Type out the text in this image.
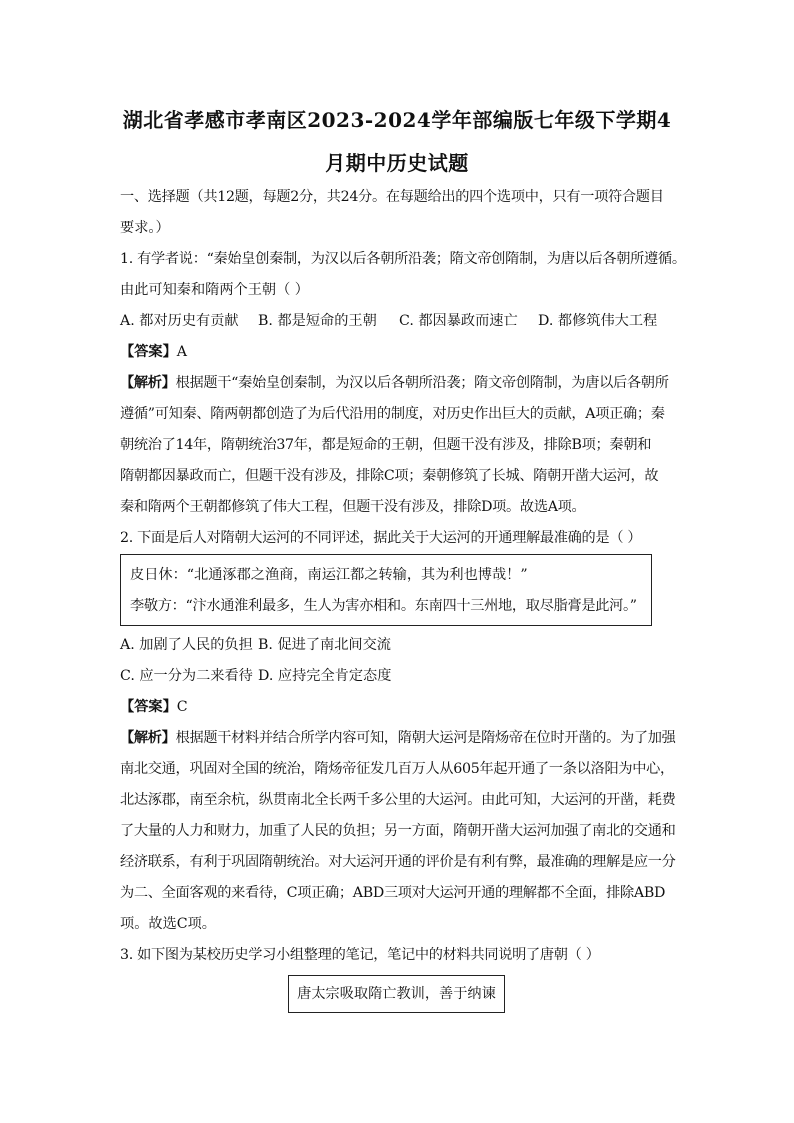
湖北省孝感市孝南区2023-2024学年部编版七年级下学期4
月期中历史试题
一、选择题（共12题，每题2分，共24分。在每题给出的四个选项中，只有一项符合题目
要求。）
1. 有学者说：“秦始皇创秦制，为汉以后各朝所沿袭；隋文帝创隋制，为唐以后各朝所遵循。
由此可知秦和隋两个王朝（ ）
A. 都对历史有贡献 B. 都是短命的王朝 C. 都因暴政而速亡 D. 都修筑伟大工程
【答案】A
【解析】根据题干“秦始皇创秦制，为汉以后各朝所沿袭；隋文帝创隋制，为唐以后各朝所
遵循”可知秦、隋两朝都创造了为后代沿用的制度，对历史作出巨大的贡献，A项正确；秦
朝统治了14年，隋朝统治37年，都是短命的王朝，但题干没有涉及，排除B项；秦朝和
隋朝都因暴政而亡，但题干没有涉及，排除C项；秦朝修筑了长城、隋朝开凿大运河，故
秦和隋两个王朝都修筑了伟大工程，但题干没有涉及，排除D项。故选A项。
2. 下面是后人对隋朝大运河的不同评述，据此关于大运河的开通理解最准确的是（ ）
皮日休：“北通涿郡之渔商，南运江都之转输，其为利也博哉！”
李敬方：“汴水通淮利最多，生人为害亦相和。东南四十三州地，取尽脂膏是此河。”
A. 加剧了人民的负担 B. 促进了南北间交流
C. 应一分为二来看待 D. 应持完全肯定态度
【答案】C
【解析】根据题干材料并结合所学内容可知，隋朝大运河是隋炀帝在位时开凿的。为了加强
南北交通，巩固对全国的统治，隋炀帝征发几百万人从605年起开通了一条以洛阳为中心，
北达涿郡，南至余杭，纵贯南北全长两千多公里的大运河。由此可知，大运河的开凿，耗费
了大量的人力和财力，加重了人民的负担；另一方面，隋朝开凿大运河加强了南北的交通和
经济联系，有利于巩固隋朝统治。对大运河开通的评价是有利有弊，最准确的理解是应一分
为二、全面客观的来看待，C项正确；ABD三项对大运河开通的理解都不全面，排除ABD
项。故选C项。
3. 如下图为某校历史学习小组整理的笔记，笔记中的材料共同说明了唐朝（ ）
唐太宗吸取隋亡教训，善于纳谏
